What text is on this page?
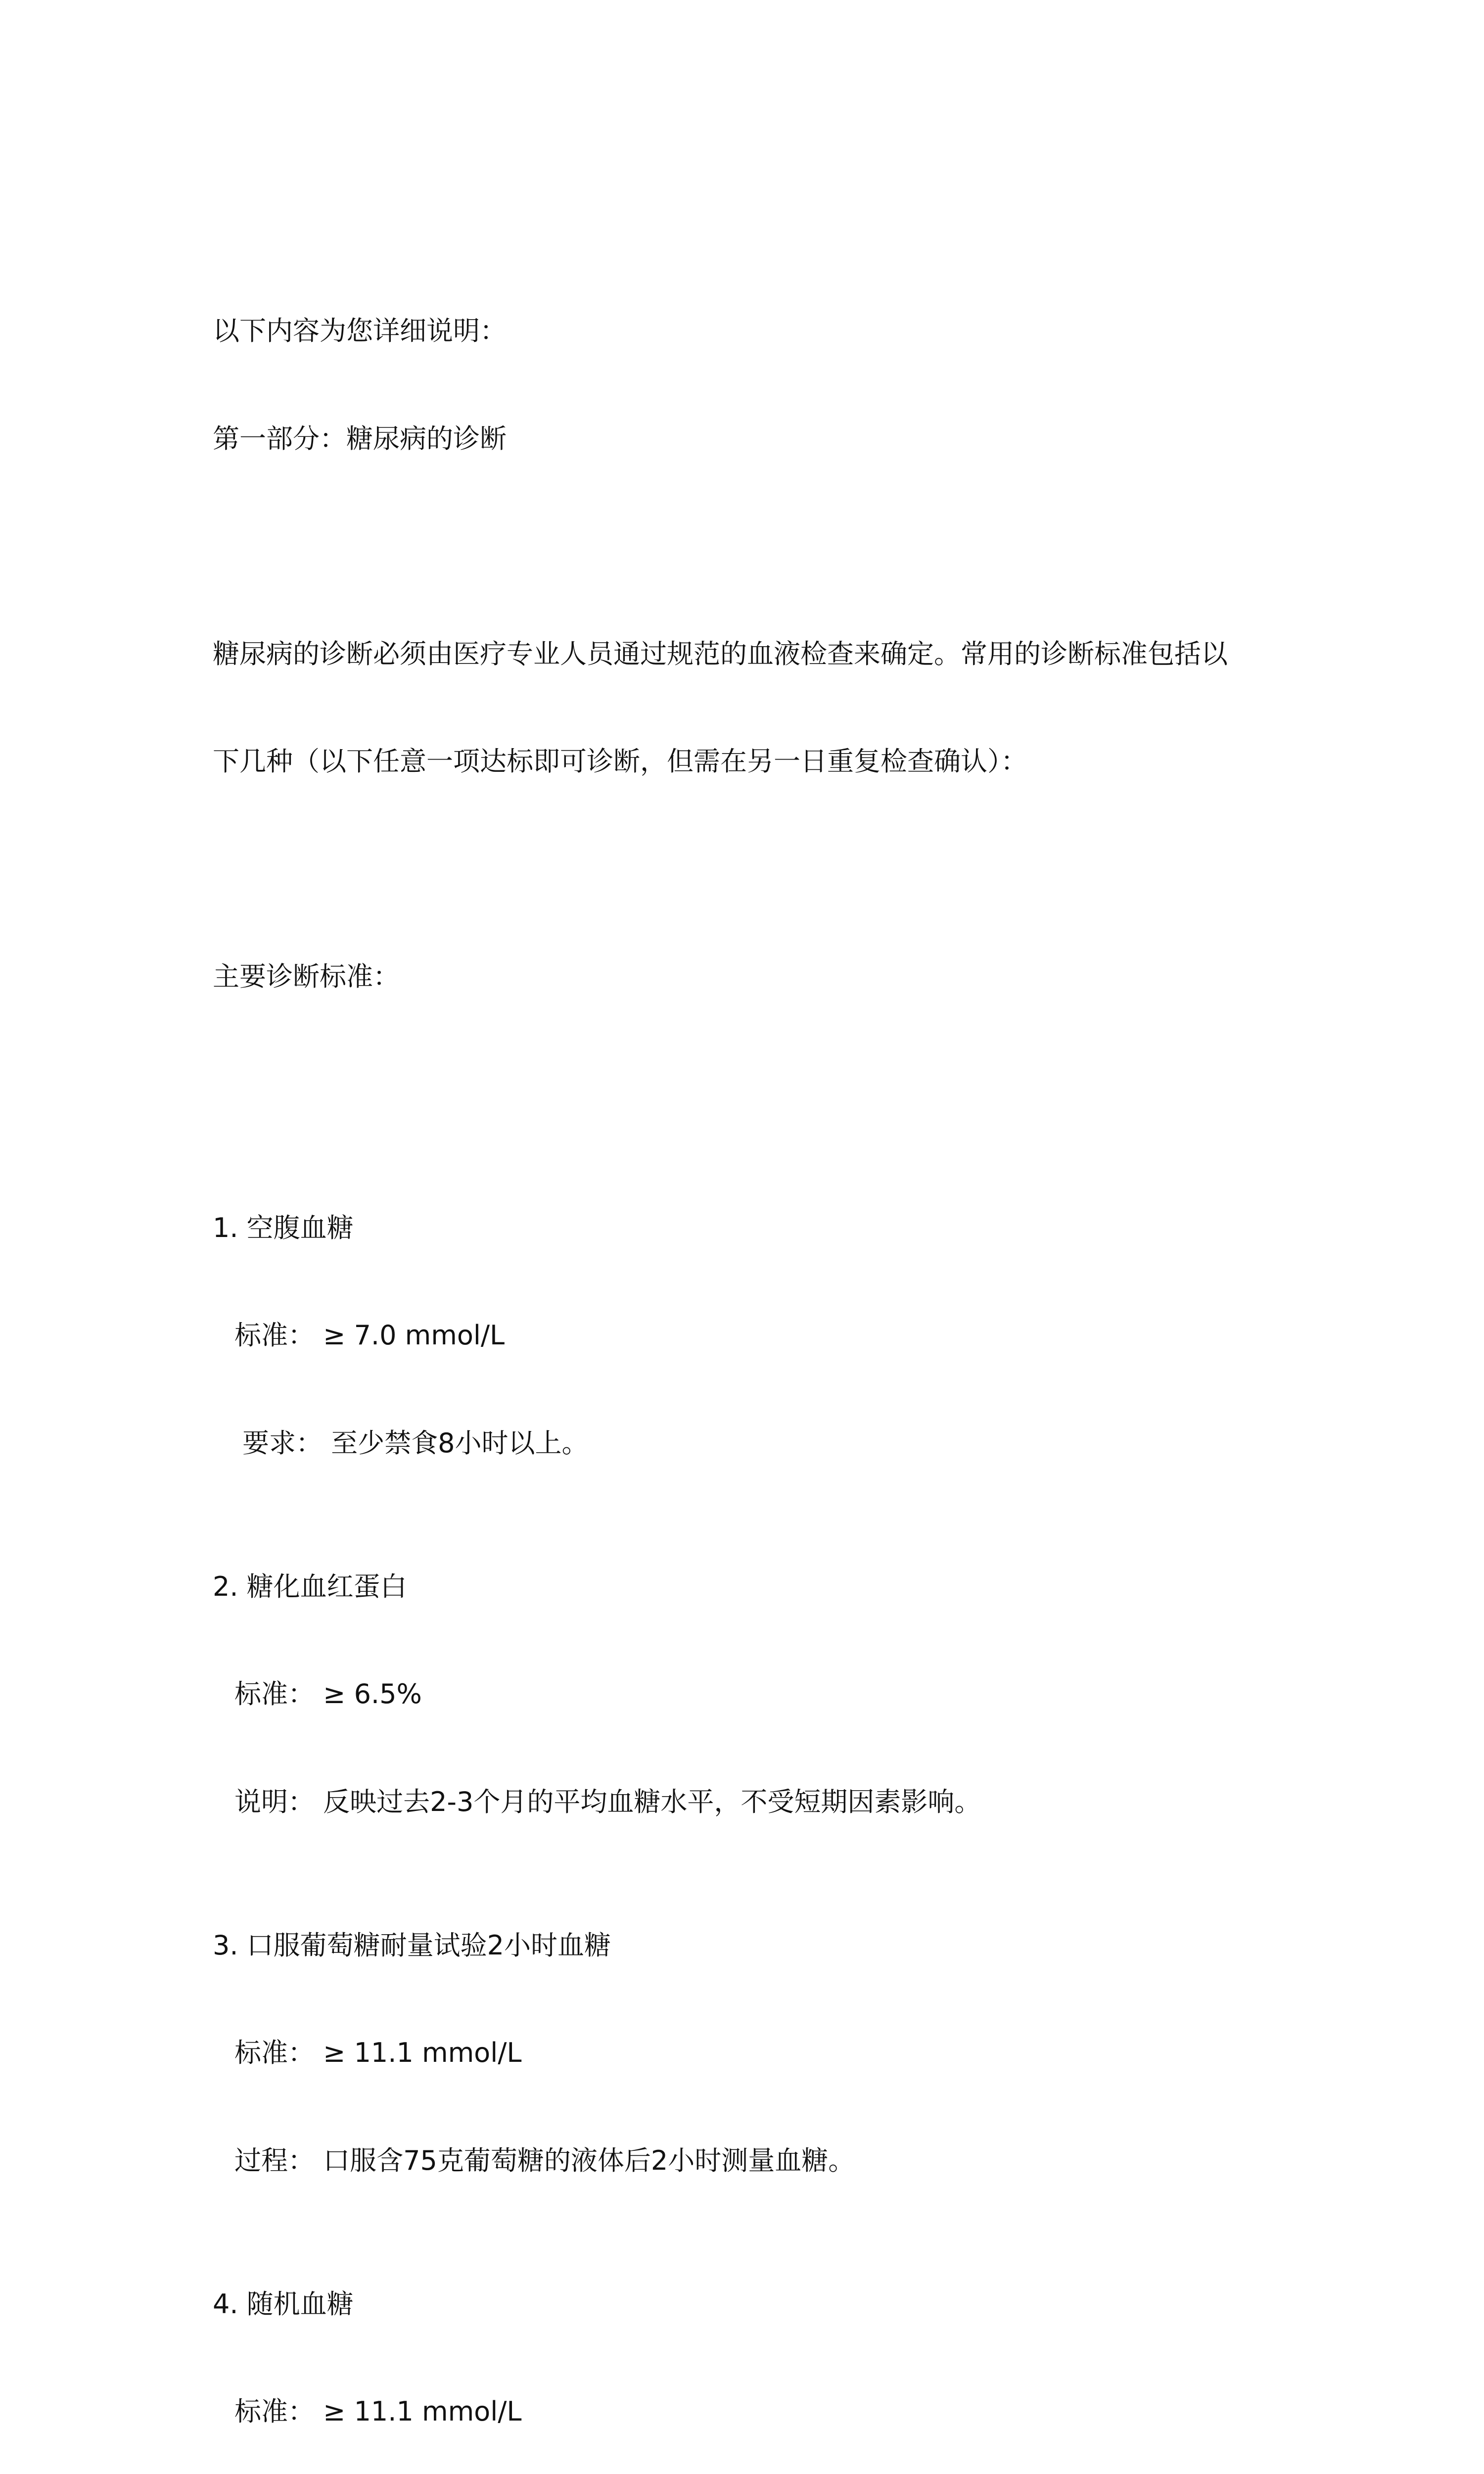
以下内容为您详细说明：

第一部分：糖尿病的诊断

糖尿病的诊断必须由医疗专业人员通过规范的血液检查来确定。常用的诊断标准包括以

下几种（以下任意一项达标即可诊断，但需在另一日重复检查确认）：

主要诊断标准：

1. 空腹血糖

标准： ≥ 7.0 mmol/L

要求： 至少禁食8小时以上。

2. 糖化血红蛋白

标准： ≥ 6.5%

说明： 反映过去2-3个月的平均血糖水平，不受短期因素影响。

3. 口服葡萄糖耐量试验2小时血糖

标准： ≥ 11.1 mmol/L

过程： 口服含75克葡萄糖的液体后2小时测量血糖。

4. 随机血糖

标准： ≥ 11.1 mmol/L
